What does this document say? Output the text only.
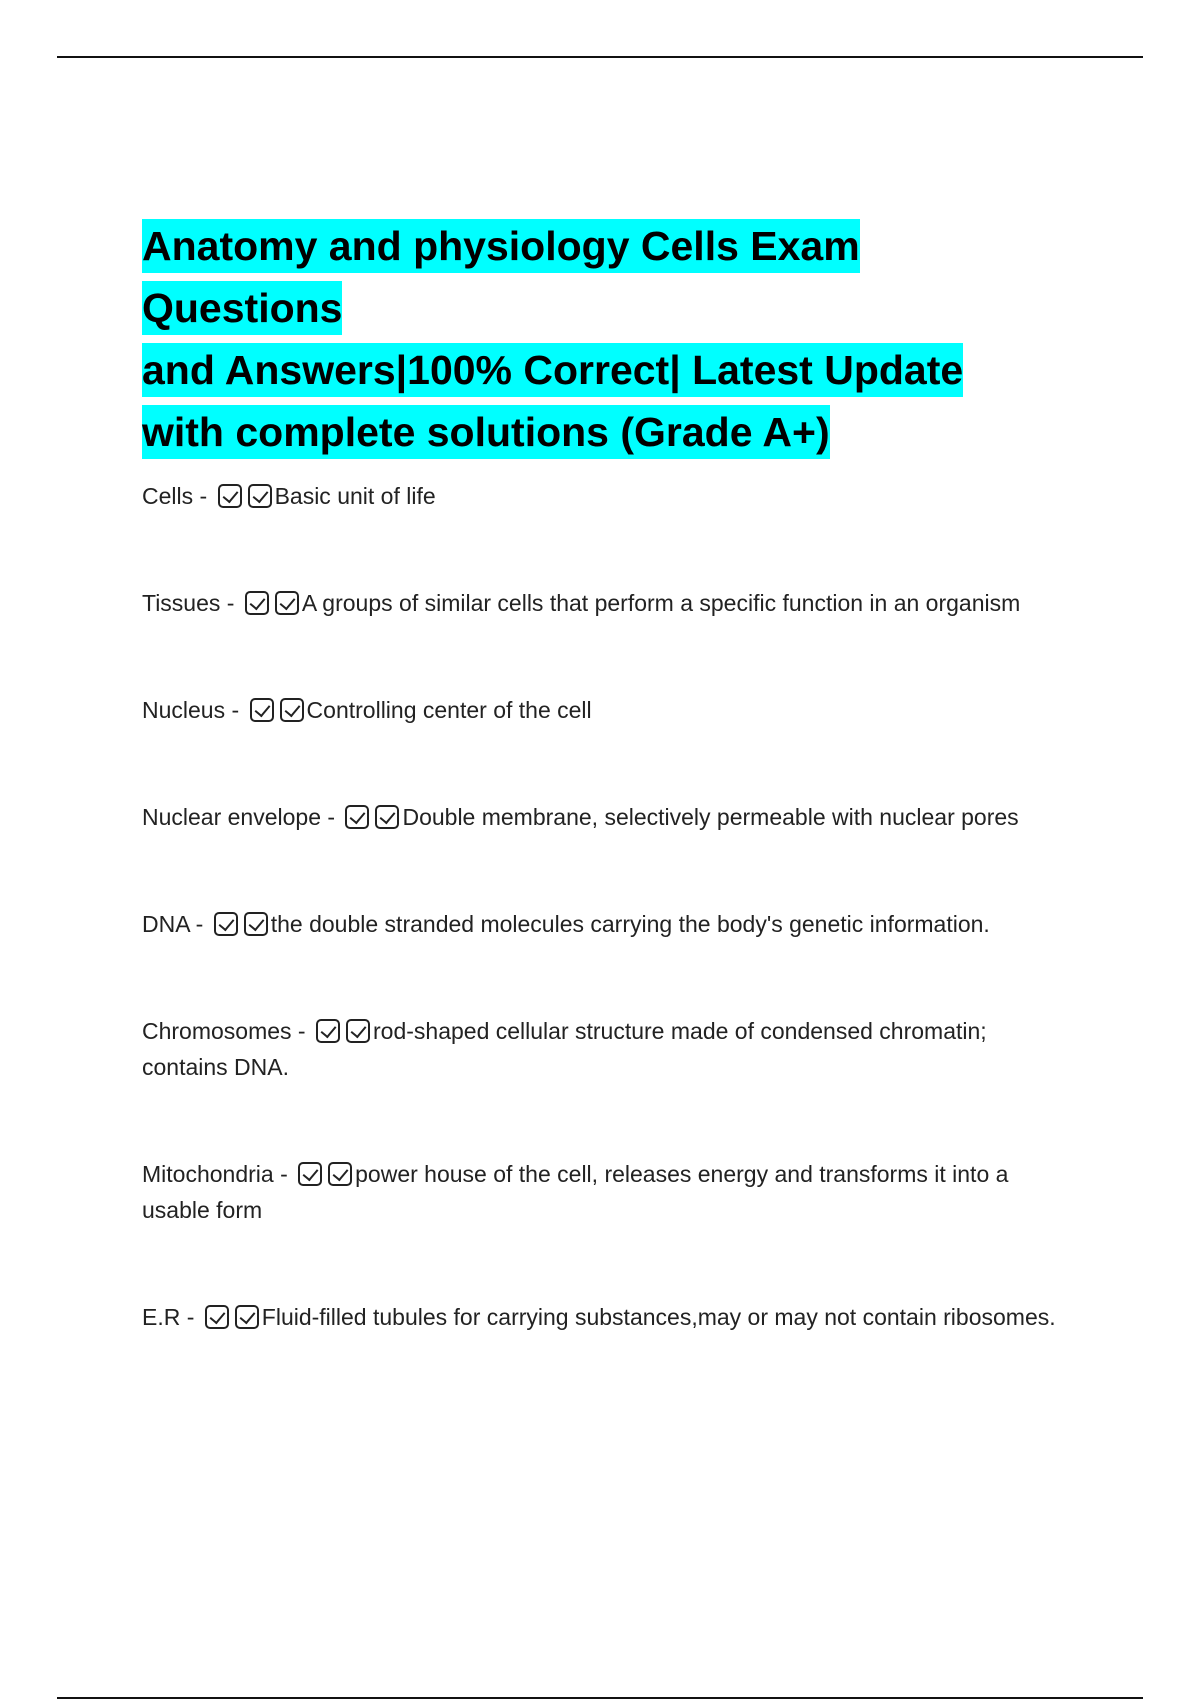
Anatomy and physiology Cells Exam Questions
and Answers|100% Correct| Latest Update
with complete solutions (Grade A+)

Cells -	Basic unit of life

Tissues -	A groups of similar cells that perform a specific function in an organism

Nucleus -	Controlling center of the cell

Nuclear envelope -	Double membrane, selectively permeable with nuclear pores

DNA -	the double stranded molecules carrying the body's genetic information.

Chromosomes -	rod-shaped cellular structure made of condensed chromatin; contains DNA.

Mitochondria -	power house of the cell, releases energy and transforms it into a usable form

E.R -	Fluid-filled tubules for carrying substances,may or may not contain ribosomes.
